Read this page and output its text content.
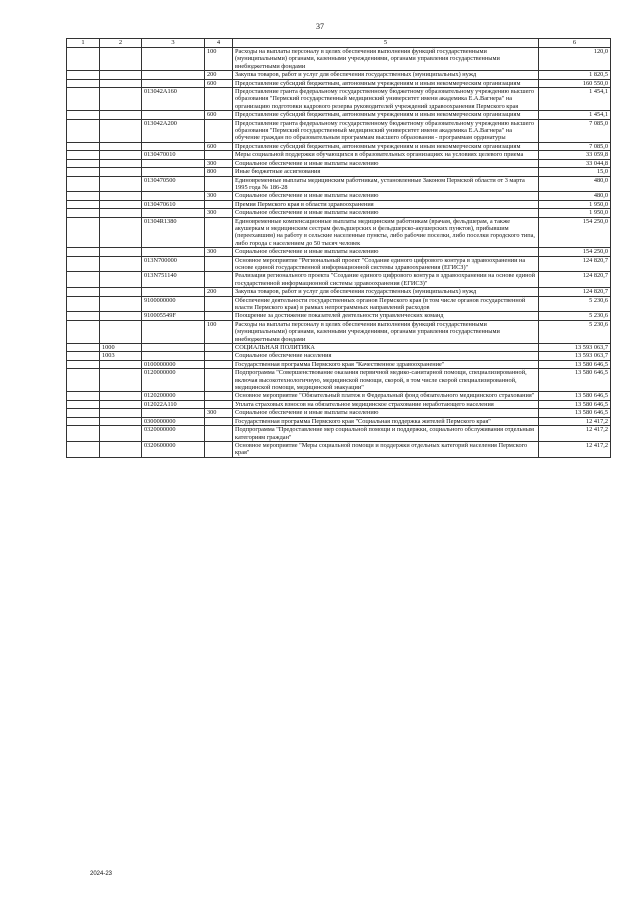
37
1	2	3	4	5	6
			100	Расходы на выплаты персоналу в целях обеспечения выполнения функций государственными (муниципальными) органами, казенными учреждениями, органами управления государственными внебюджетными фондами	120,0
			200	Закупка товаров, работ и услуг для обеспечения государственных (муниципальных) нужд	1 820,5
			600	Предоставление субсидий бюджетным, автономным учреждениям и иным некоммерческим организациям	160 550,0
		013042А160		Предоставление гранта федеральному государственному бюджетному образовательному учреждению высшего образования "Пермский государственный медицинский университет имени академика Е.А.Вагнера" на организацию подготовки кадрового резерва руководителей учреждений здравоохранения Пермского края	1 454,1
			600	Предоставление субсидий бюджетным, автономным учреждениям и иным некоммерческим организациям	1 454,1
		013042А200		Предоставление гранта федеральному государственному бюджетному образовательному учреждению высшего образования "Пермский государственный медицинский университет имени академика Е.А.Вагнера" на обучение граждан по образовательным программам высшего образования - программам ординатуры	7 085,0
			600	Предоставление субсидий бюджетным, автономным учреждениям и иным некоммерческим организациям	7 085,0
		0130470010		Меры социальной поддержки обучающихся в образовательных организациях на условиях целевого приема	33 059,8
			300	Социальное обеспечение и иные выплаты населению	33 044,8
			800	Иные бюджетные ассигнования	15,0
		0130470500		Единовременные выплаты медицинским работникам, установленные Законом Пермской области от 3 марта 1995 года № 186-28	480,0
			300	Социальное обеспечение и иные выплаты населению	480,0
		0130470610		Премия Пермского края в области здравоохранения	1 950,0
			300	Социальное обеспечение и иные выплаты населению	1 950,0
		01304R1380		Единовременные компенсационные выплаты медицинским работникам (врачам, фельдшерам, а также акушеркам и медицинским сестрам фельдшерских и фельдшерско-акушерских пунктов), прибывшим (переехавшим) на работу в сельские населенные пункты, либо рабочие поселки, либо поселки городского типа, либо города с населением до 50 тысяч человек	154 250,0
			300	Социальное обеспечение и иные выплаты населению	154 250,0
		013N700000		Основное мероприятие "Региональный проект "Создание единого цифрового контура в здравоохранении на основе единой государственной информационной системы здравоохранения (ЕГИСЗ)"	124 820,7
		013N751140		Реализация регионального проекта "Создание единого цифрового контура в здравоохранении на основе единой государственной информационной системы здравоохранения (ЕГИСЗ)"	124 820,7
			200	Закупка товаров, работ и услуг для обеспечения государственных (муниципальных) нужд	124 820,7
		9100000000		Обеспечение деятельности государственных органов Пермского края (в том числе органов государственной власти Пермского края) в рамках непрограммных направлений расходов	5 230,6
		910005549F		Поощрение за достижение показателей деятельности управленческих команд	5 230,6
			100	Расходы на выплаты персоналу в целях обеспечения выполнения функций государственными (муниципальными) органами, казенными учреждениями, органами управления государственными внебюджетными фондами	5 230,6
	1000			СОЦИАЛЬНАЯ ПОЛИТИКА	13 593 063,7
	1003			Социальное обеспечение населения	13 593 063,7
		0100000000		Государственная программа Пермского края "Качественное здравоохранение"	13 580 646,5
		0120000000		Подпрограмма "Совершенствование оказания первичной медико-санитарной помощи, специализированной, включая высокотехнологичную, медицинской помощи, скорой, в том числе скорой специализированной, медицинской помощи, медицинской эвакуации"	13 580 646,5
		0120200000		Основное мероприятие "Обязательный платеж в Федеральный фонд обязательного медицинского страхования"	13 580 646,5
		012022А110		Уплата страховых взносов на обязательное медицинское страхование неработающего населения	13 580 646,5
			300	Социальное обеспечение и иные выплаты населению	13 580 646,5
		0300000000		Государственная программа Пермского края "Социальная поддержка жителей Пермского края"	12 417,2
		0320000000		Подпрограмма "Предоставление мер социальной помощи и поддержки, социального обслуживания отдельным категориям граждан"	12 417,2
		0320600000		Основное мероприятие "Меры социальной помощи и поддержки отдельных категорий населения Пермского края"	12 417,2
2024-23
